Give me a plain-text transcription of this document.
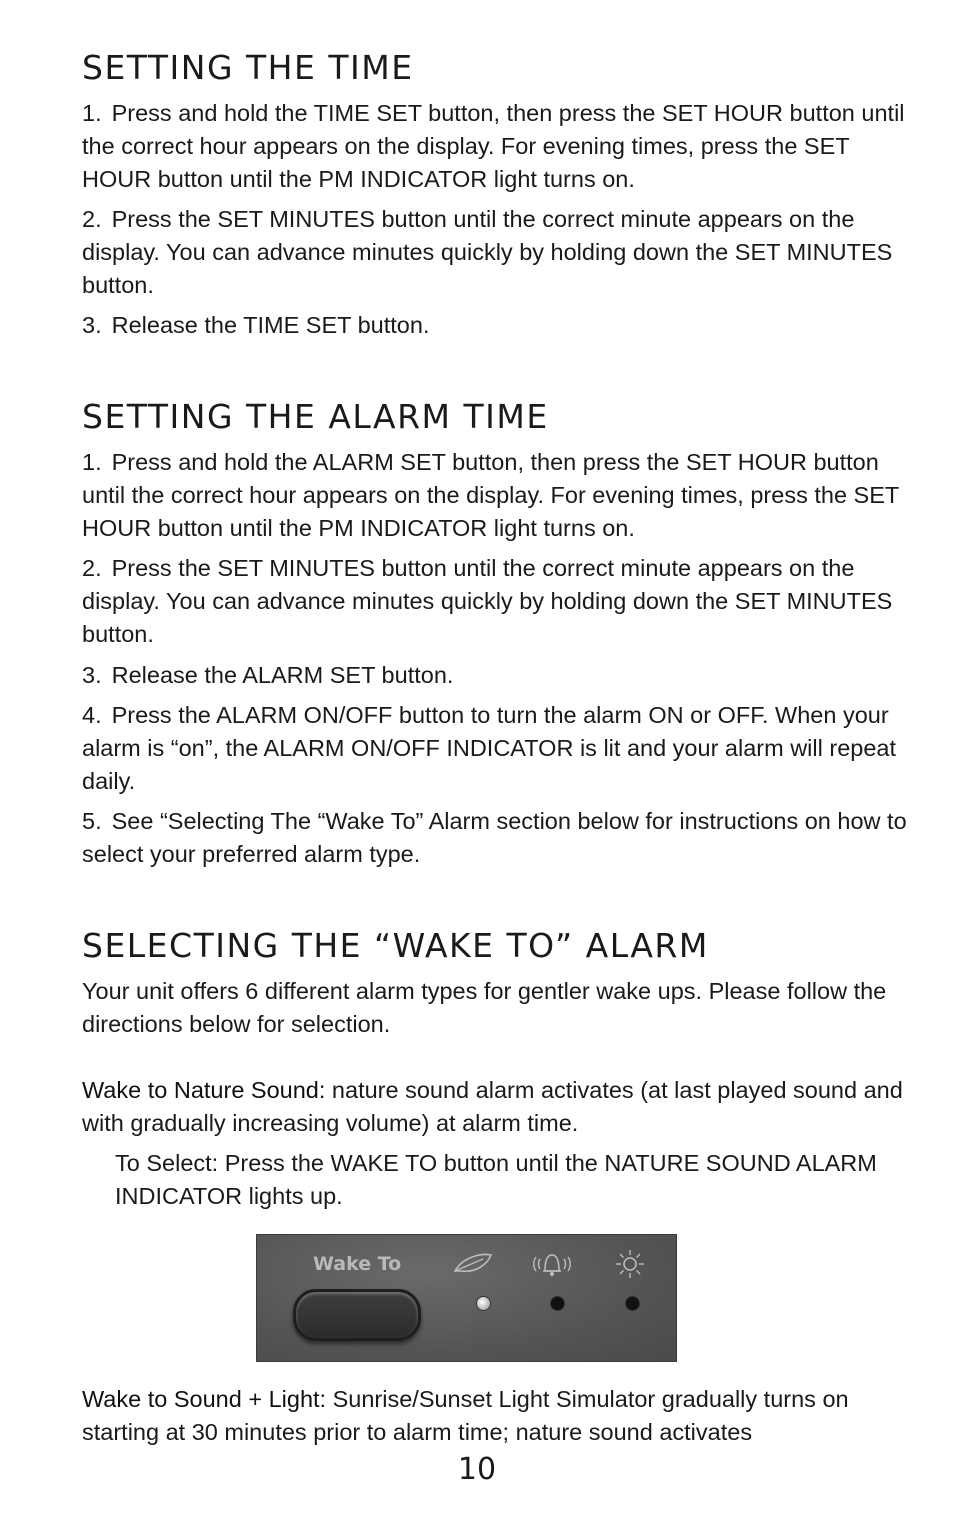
SETTING THE TIME

1. Press and hold the TIME SET button, then press the SET HOUR button until the correct hour appears on the display. For evening times, press the SET HOUR button until the PM INDICATOR light turns on.

2. Press the SET MINUTES button until the correct minute appears on the display. You can advance minutes quickly by holding down the SET MINUTES button.

3. Release the TIME SET button.

SETTING THE ALARM TIME

1. Press and hold the ALARM SET button, then press the SET HOUR button until the correct hour appears on the display. For evening times, press the SET HOUR button until the PM INDICATOR light turns on.

2. Press the SET MINUTES button until the correct minute appears on the display. You can advance minutes quickly by holding down the SET MINUTES button.

3. Release the ALARM SET button.

4. Press the ALARM ON/OFF button to turn the alarm ON or OFF. When your alarm is “on”, the ALARM ON/OFF INDICATOR is lit and your alarm will repeat daily.

5. See “Selecting The “Wake To” Alarm section below for instructions on how to select your preferred alarm type.

SELECTING THE “WAKE TO” ALARM

Your unit offers 6 different alarm types for gentler wake ups. Please follow the directions below for selection.

Wake to Nature Sound: nature sound alarm activates (at last played sound and with gradually increasing volume) at alarm time.

To Select: Press the WAKE TO button until the NATURE SOUND ALARM INDICATOR lights up.

Wake To

Wake to Sound + Light: Sunrise/Sunset Light Simulator gradually turns on starting at 30 minutes prior to alarm time; nature sound activates

10
